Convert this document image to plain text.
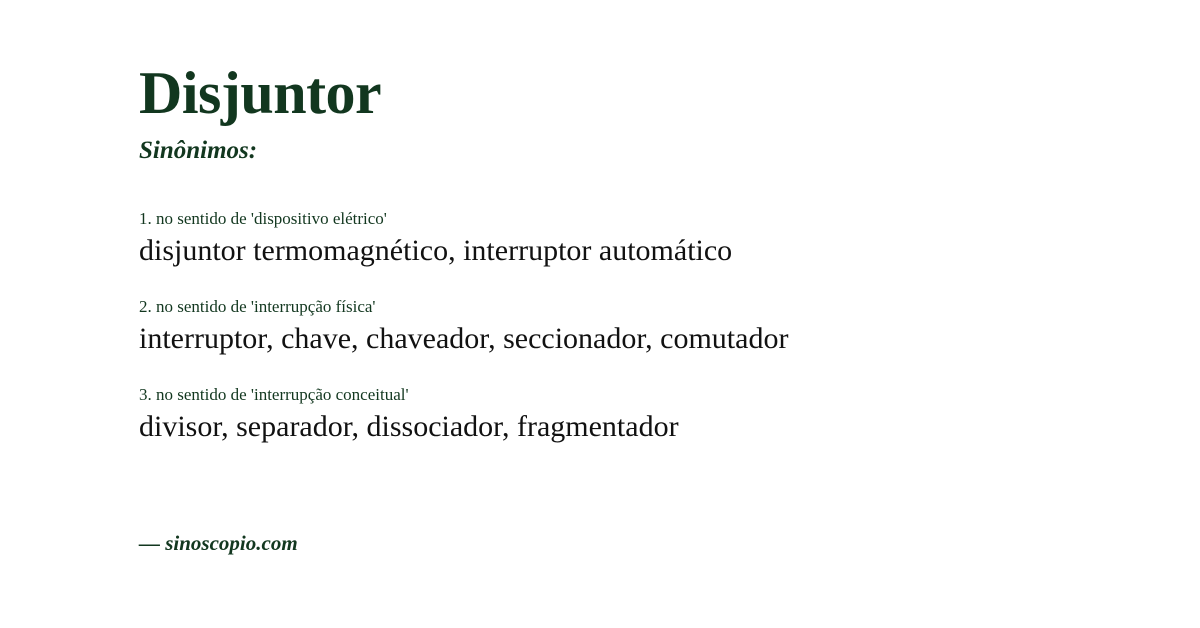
Disjuntor
Sinônimos:
1. no sentido de 'dispositivo elétrico'
disjuntor termomagnético, interruptor automático
2. no sentido de 'interrupção física'
interruptor, chave, chaveador, seccionador, comutador
3. no sentido de 'interrupção conceitual'
divisor, separador, dissociador, fragmentador
— sinoscopio.com
